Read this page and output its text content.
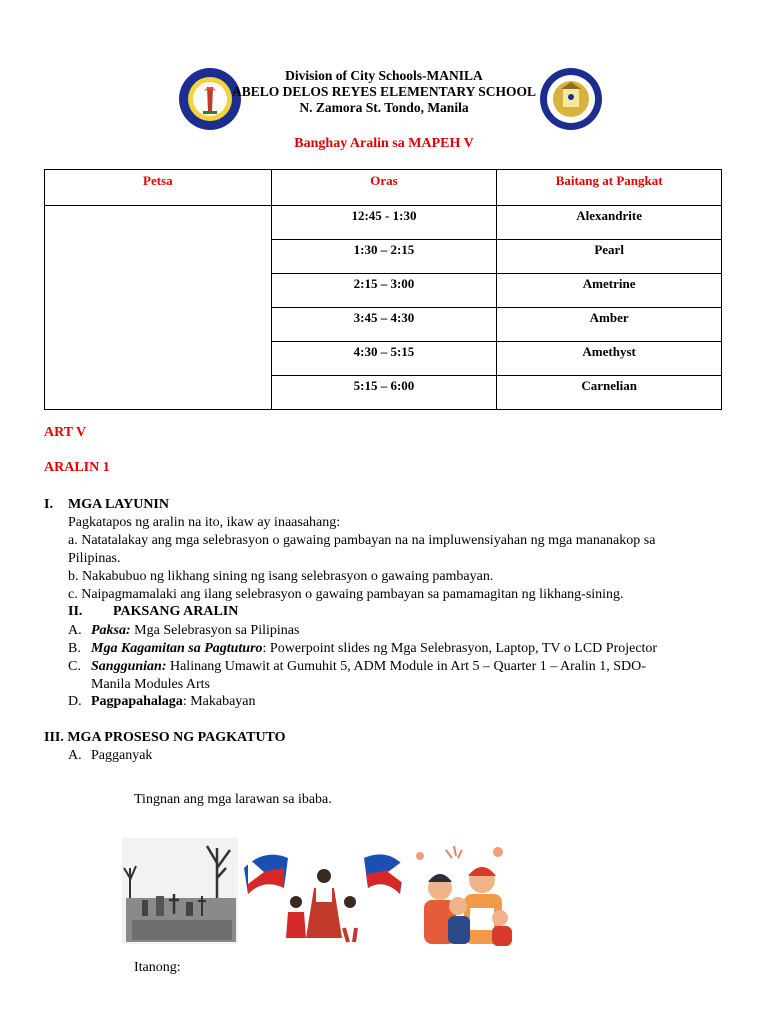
Division of City Schools-MANILA
ABELO DELOS REYES ELEMENTARY SCHOOL
N. Zamora St. Tondo, Manila
Banghay Aralin sa MAPEH V
Petsa	Oras	Baitang at Pangkat
	12:45 - 1:30	Alexandrite
	1:30 – 2:15	Pearl
	2:15 – 3:00	Ametrine
	3:45 – 4:30	Amber
	4:30 – 5:15	Amethyst
	5:15 – 6:00	Carnelian
ART V
ARALIN 1
I. MGA LAYUNIN
Pagkatapos ng aralin na ito, ikaw ay inaasahang:
a. Natatalakay ang mga selebrasyon o gawaing pambayan na na impluwensiyahan ng mga mananakop sa
Pilipinas.
b. Nakabubuo ng likhang sining ng isang selebrasyon o gawaing pambayan.
c. Naipagmamalaki ang ilang selebrasyon o gawaing pambayan sa pamamagitan ng likhang-sining.
II. PAKSANG ARALIN
A. Paksa: Mga Selebrasyon sa Pilipinas
B. Mga Kagamitan sa Pagtuturo: Powerpoint slides ng Mga Selebrasyon, Laptop, TV o LCD Projector
C. Sanggunian: Halinang Umawit at Gumuhit 5, ADM Module in Art 5 – Quarter 1 – Aralin 1, SDO-
Manila Modules Arts
D. Pagpapahalaga: Makabayan
III. MGA PROSESO NG PAGKATUTO
A. Pagganyak
Tingnan ang mga larawan sa ibaba.
Itanong:
